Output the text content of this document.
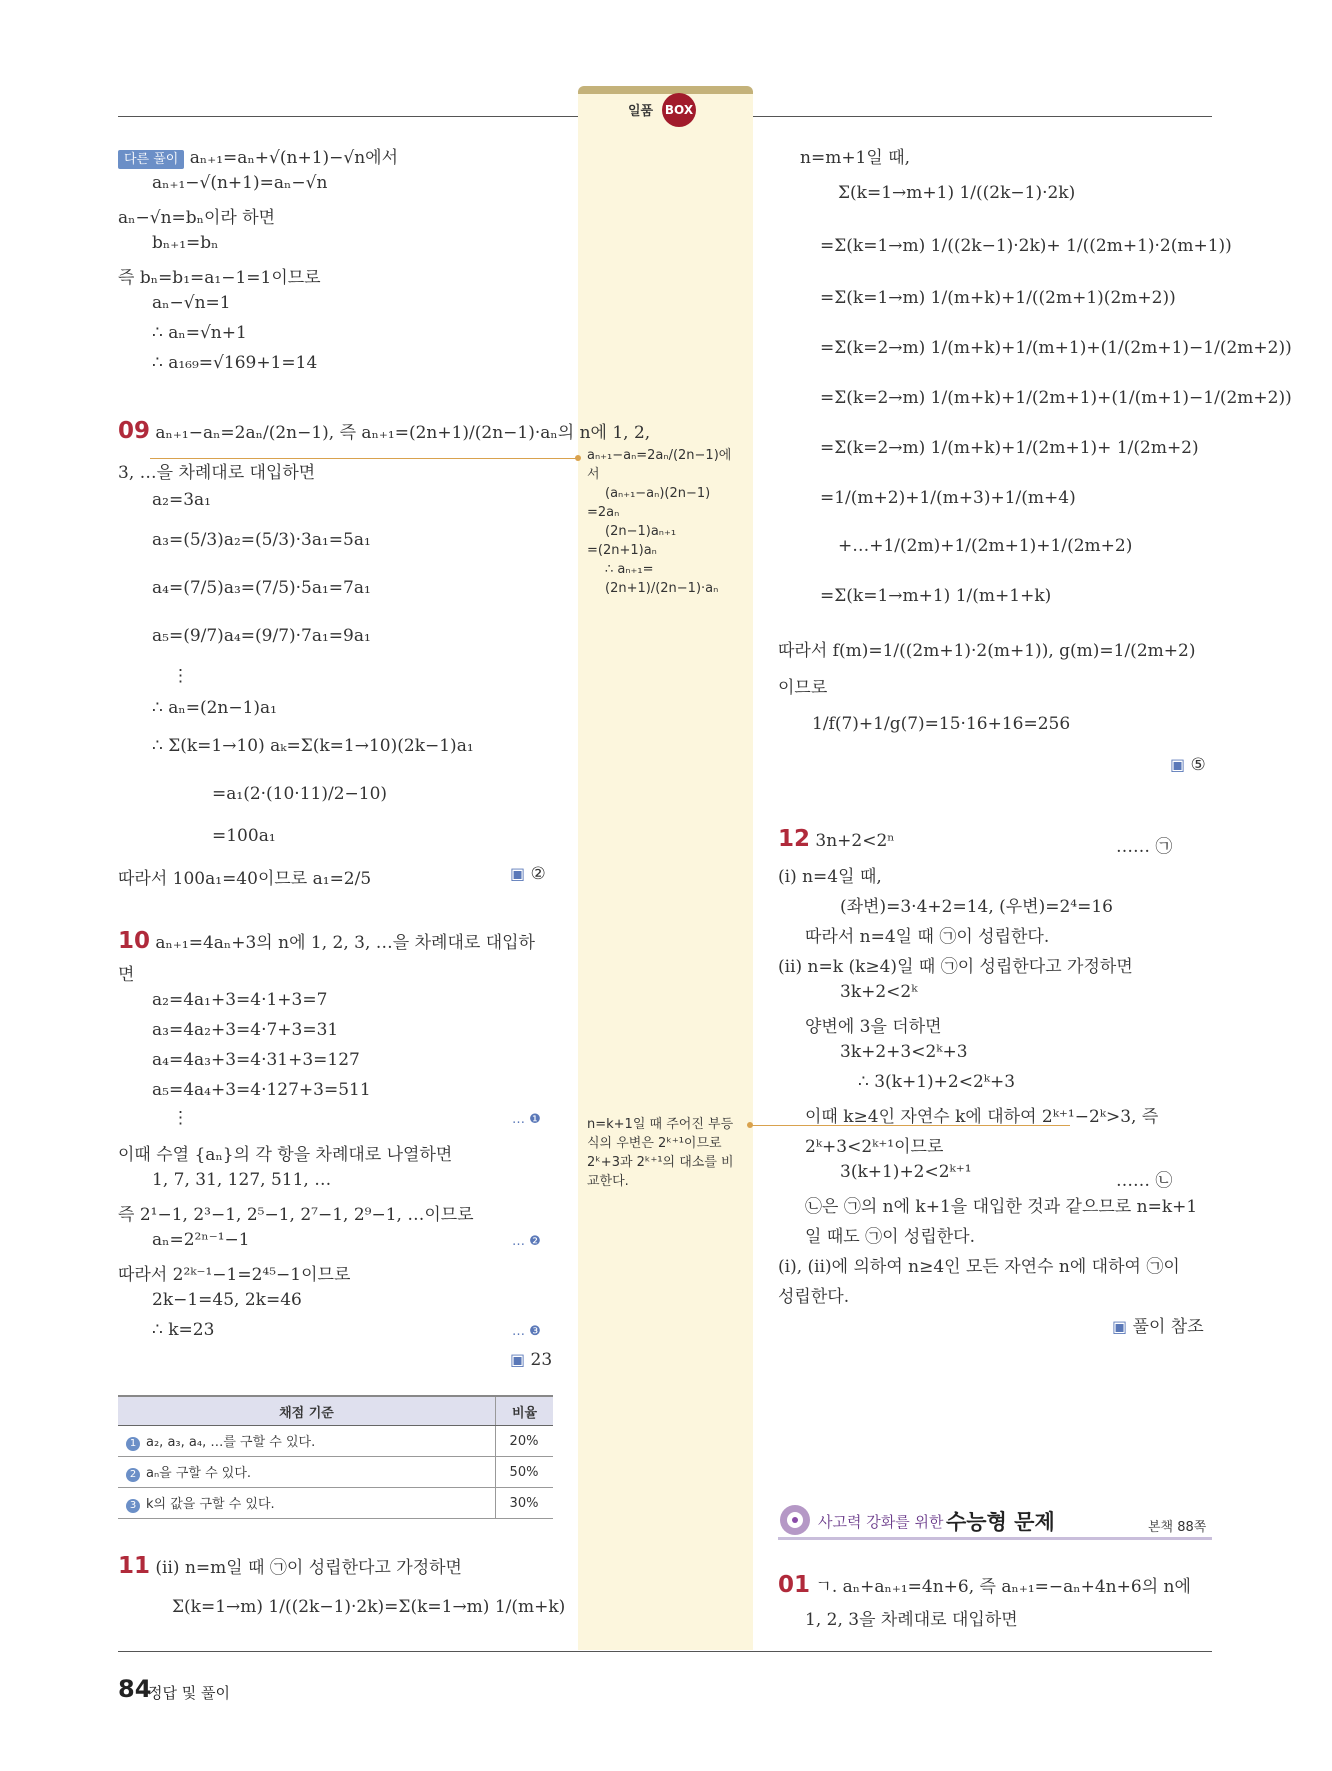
일품 BOX
다른 풀이 aₙ₊₁=aₙ+√(n+1)−√n에서
aₙ₊₁−√(n+1)=aₙ−√n
aₙ−√n=bₙ이라 하면
bₙ₊₁=bₙ
즉 bₙ=b₁=a₁−1=1이므로
aₙ−√n=1
∴ aₙ=√n+1
∴ a₁₆₉=√169+1=14
09 aₙ₊₁−aₙ=2aₙ/(2n−1), 즉 aₙ₊₁=(2n+1)/(2n−1)·aₙ의 n에 1, 2,
3, …을 차례대로 대입하면
a₂=3a₁
a₃=(5/3)a₂=(5/3)·3a₁=5a₁
a₄=(7/5)a₃=(7/5)·5a₁=7a₁
a₅=(9/7)a₄=(9/7)·7a₁=9a₁
⋮
∴ aₙ=(2n−1)a₁
∴ Σ(k=1→10) aₖ=Σ(k=1→10)(2k−1)a₁
=a₁(2·(10·11)/2−10)
=100a₁
따라서 100a₁=40이므로 a₁=2/5	▣ ②
10 aₙ₊₁=4aₙ+3의 n에 1, 2, 3, …을 차례대로 대입하
면
a₂=4a₁+3=4·1+3=7
a₃=4a₂+3=4·7+3=31
a₄=4a₃+3=4·31+3=127
a₅=4a₄+3=4·127+3=511
⋮	… ❶
이때 수열 {aₙ}의 각 항을 차례대로 나열하면
1, 7, 31, 127, 511, …
즉 2¹−1, 2³−1, 2⁵−1, 2⁷−1, 2⁹−1, …이므로
aₙ=2²ⁿ⁻¹−1	… ❷
따라서 2²ᵏ⁻¹−1=2⁴⁵−1이므로
2k−1=45, 2k=46
∴ k=23	… ❸
▣ 23
채점 기준	비율
1 a₂, a₃, a₄, …를 구할 수 있다.	20%
2 aₙ을 구할 수 있다.	50%
3 k의 값을 구할 수 있다.	30%
11 (ⅱ) n=m일 때 ㉠이 성립한다고 가정하면
Σ(k=1→m) 1/((2k−1)·2k)=Σ(k=1→m) 1/(m+k)
aₙ₊₁−aₙ=2aₙ/(2n−1)에서
(aₙ₊₁−aₙ)(2n−1)
=2aₙ
(2n−1)aₙ₊₁
=(2n+1)aₙ
∴ aₙ₊₁=(2n+1)/(2n−1)·aₙ
n=k+1일 때 주어진 부등식의 우변은 2ᵏ⁺¹이므로 2ᵏ+3과 2ᵏ⁺¹의 대소를 비교한다.
n=m+1일 때,
Σ(k=1→m+1) 1/((2k−1)·2k)
=Σ(k=1→m) 1/((2k−1)·2k)+ 1/((2m+1)·2(m+1))
=Σ(k=1→m) 1/(m+k)+1/((2m+1)(2m+2))
=Σ(k=2→m) 1/(m+k)+1/(m+1)+(1/(2m+1)−1/(2m+2))
=Σ(k=2→m) 1/(m+k)+1/(2m+1)+(1/(m+1)−1/(2m+2))
=Σ(k=2→m) 1/(m+k)+1/(2m+1)+ 1/(2m+2)
=1/(m+2)+1/(m+3)+1/(m+4)
+…+1/(2m)+1/(2m+1)+1/(2m+2)
=Σ(k=1→m+1) 1/(m+1+k)
따라서 f(m)=1/((2m+1)·2(m+1)), g(m)=1/(2m+2)
이므로
1/f(7)+1/g(7)=15·16+16=256
▣ ⑤
12 3n+2<2ⁿ	…… ㉠
(ⅰ) n=4일 때,
(좌변)=3·4+2=14, (우변)=2⁴=16
따라서 n=4일 때 ㉠이 성립한다.
(ⅱ) n=k (k≥4)일 때 ㉠이 성립한다고 가정하면
3k+2<2ᵏ
양변에 3을 더하면
3k+2+3<2ᵏ+3
∴ 3(k+1)+2<2ᵏ+3
이때 k≥4인 자연수 k에 대하여 2ᵏ⁺¹−2ᵏ>3, 즉
2ᵏ+3<2ᵏ⁺¹이므로
3(k+1)+2<2ᵏ⁺¹	…… ㉡
㉡은 ㉠의 n에 k+1을 대입한 것과 같으므로 n=k+1
일 때도 ㉠이 성립한다.
(ⅰ), (ⅱ)에 의하여 n≥4인 모든 자연수 n에 대하여 ㉠이
성립한다.
▣ 풀이 참조
사고력 강화를 위한 수능형 문제	본책 88쪽
01 ㄱ. aₙ+aₙ₊₁=4n+6, 즉 aₙ₊₁=−aₙ+4n+6의 n에
1, 2, 3을 차례대로 대입하면
84
정답 및 풀이
